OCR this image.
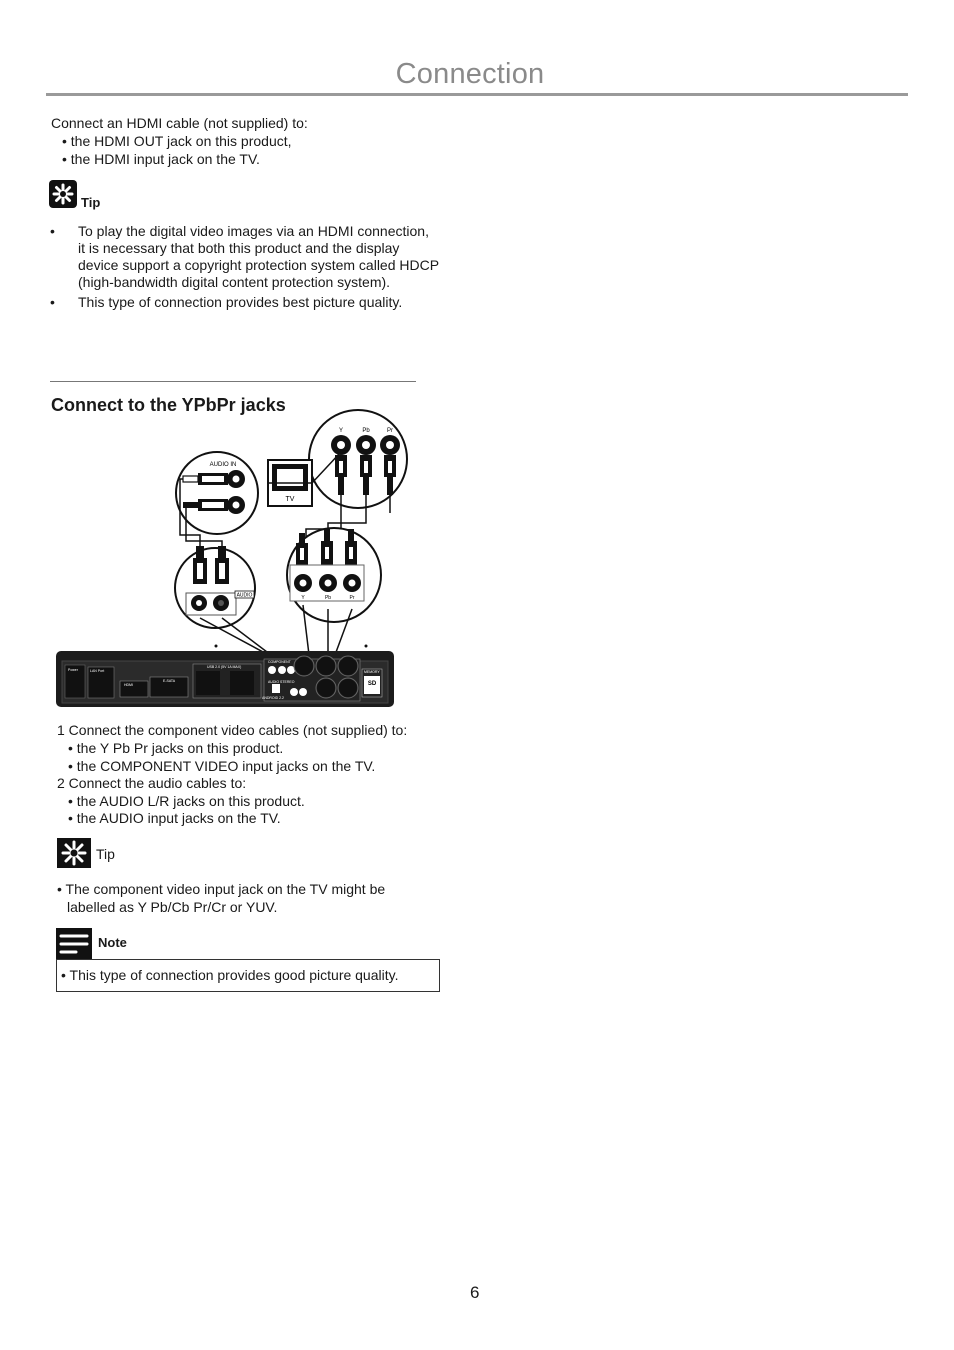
Connection
Connect an HDMI cable (not supplied) to:
• the HDMI OUT jack on this product,
• the HDMI input jack on the TV.
Tip
• To play the digital video images via an HDMI connection,
it is necessary that both this product and the display
device support a copyright protection system called HDCP
(high-bandwidth digital content protection system).
• This type of connection provides best picture quality.
Connect to the YPbPr jacks
Y	Pb	Pr
TV
AUDIO IN
AUDIO	Y	Pb	Pr
Power	LAN Port
HDMI
E-SATA
USB 2.0 (5V 1A MAX)
COMPONENT
AUDIO STEREO
ANDROID 2.2
MEMORY
SD
1 Connect the component video cables (not supplied) to:
• the Y Pb Pr jacks on this product.
• the COMPONENT VIDEO input jacks on the TV.
2 Connect the audio cables to:
• the AUDIO L/R jacks on this product.
• the AUDIO input jacks on the TV.
Tip
• The component video input jack on the TV might be
labelled as Y Pb/Cb Pr/Cr or YUV.
Note
• This type of connection provides good picture quality.
6
